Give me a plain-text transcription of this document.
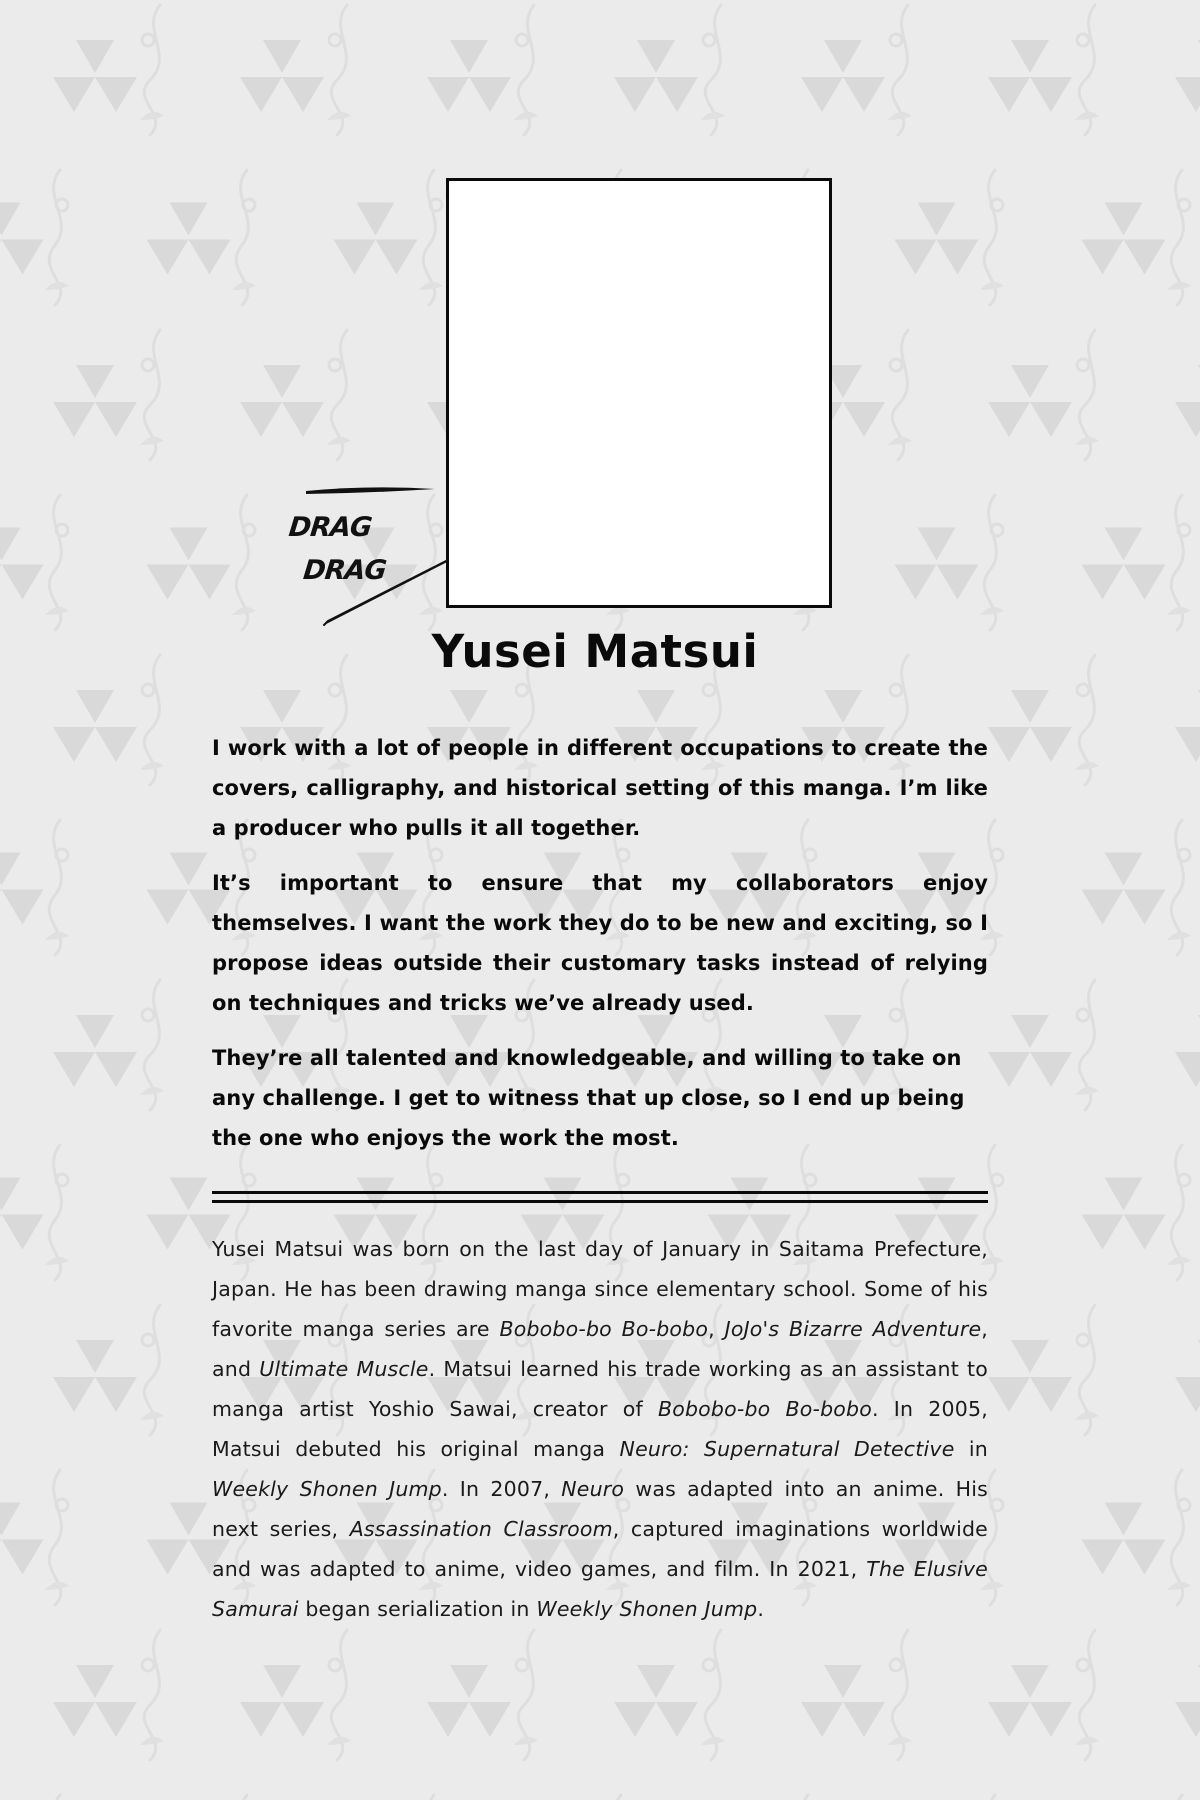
DRAG
DRAG
Yusei Matsui

I work with a lot of people in different occupations to create the covers, calligraphy, and historical setting of this manga. I’m like a producer who pulls it all together.

It’s important to ensure that my collaborators enjoy themselves. I want the work they do to be new and exciting, so I propose ideas outside their customary tasks instead of relying on techniques and tricks we’ve already used.

They’re all talented and knowledgeable, and willing to take on any challenge. I get to witness that up close, so I end up being the one who enjoys the work the most.

Yusei Matsui was born on the last day of January in Saitama Prefecture, Japan. He has been drawing manga since elementary school. Some of his favorite manga series are Bobobo-bo Bo-bobo, JoJo's Bizarre Adventure, and Ultimate Muscle. Matsui learned his trade working as an assistant to manga artist Yoshio Sawai, creator of Bobobo-bo Bo-bobo. In 2005, Matsui debuted his original manga Neuro: Supernatural Detective in Weekly Shonen Jump. In 2007, Neuro was adapted into an anime. His next series, Assassination Classroom, captured imaginations worldwide and was adapted to anime, video games, and film. In 2021, The Elusive Samurai began serialization in Weekly Shonen Jump.
